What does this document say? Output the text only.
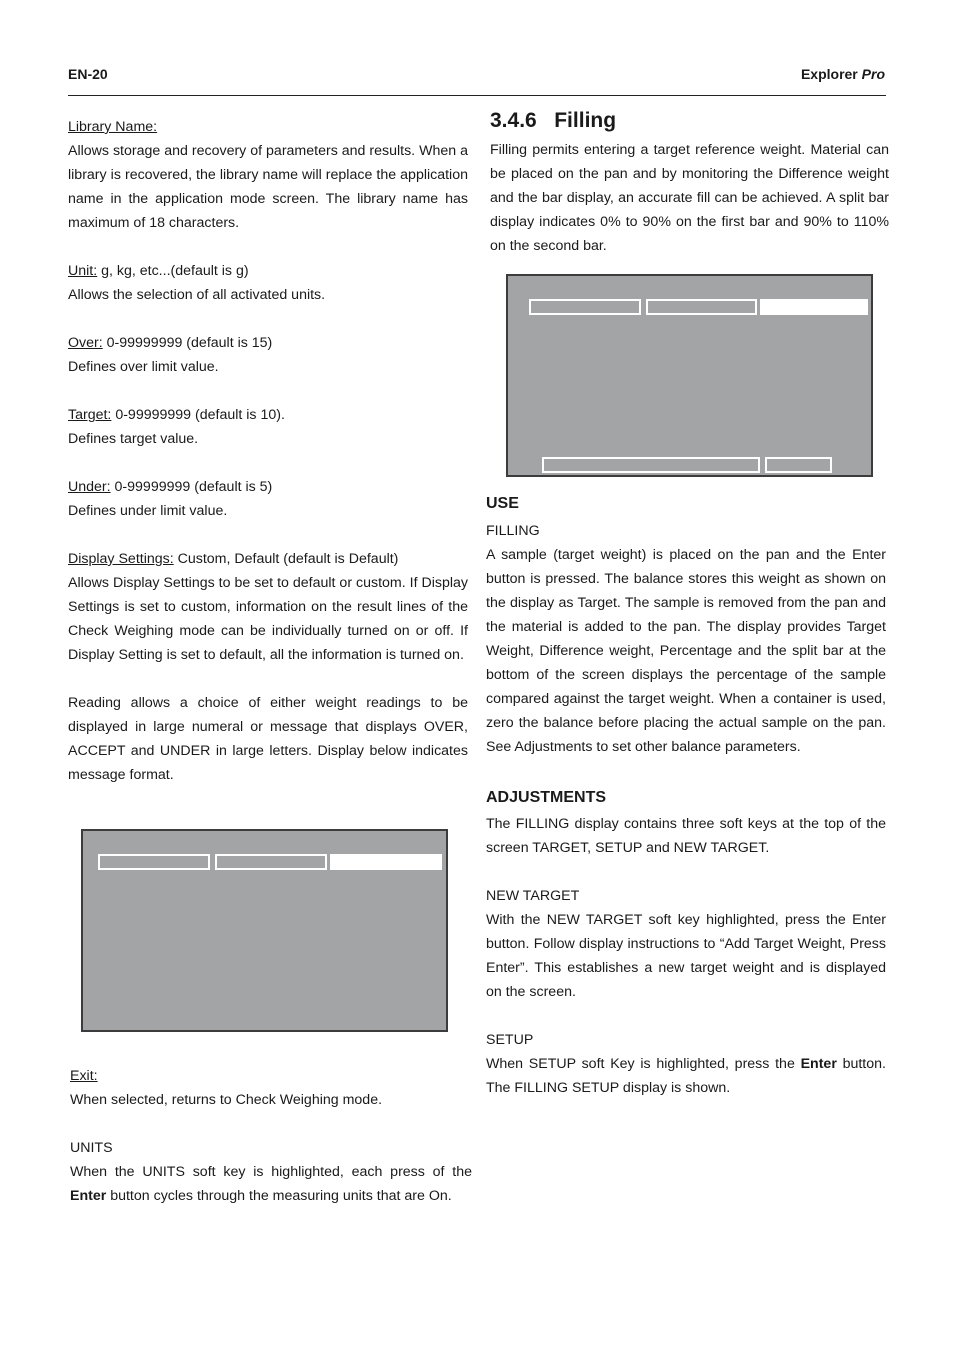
EN-20	Explorer Pro

Library Name:
Allows storage and recovery of parameters and results. When a library is recovered, the library name will replace the application name in the application mode screen. The library name has maximum of 18 characters.

Unit: g, kg, etc...(default is g)
Allows the selection of all activated units.

Over: 0-99999999 (default is 15)
Defines over limit value.

Target: 0-99999999 (default is 10).
Defines target value.

Under: 0-99999999 (default is 5)
Defines under limit value.

Display Settings: Custom, Default (default is Default)
Allows Display Settings to be set to default or custom. If Display Settings is set to custom, information on the result lines of the Check Weighing mode can be individually turned on or off. If Display Setting is set to default, all the information is turned on.

Reading allows a choice of either weight readings to be displayed in large numeral or message that displays OVER, ACCEPT and UNDER in large letters. Display below indicates message format.

Exit:
When selected, returns to Check Weighing mode.

UNITS
When the UNITS soft key is highlighted, each press of the Enter button cycles through the measuring units that are On.

3.4.6 Filling

Filling permits entering a target reference weight. Material can be placed on the pan and by monitoring the Difference weight and the bar display, an accurate fill can be achieved. A split bar display indicates 0% to 90% on the first bar and 90% to 110% on the second bar.

USE
FILLING

A sample (target weight) is placed on the pan and the Enter button is pressed. The balance stores this weight as shown on the display as Target. The sample is removed from the pan and the material is added to the pan. The display provides Target Weight, Difference weight, Percentage and the split bar at the bottom of the screen displays the percentage of the sample compared against the target weight. When a container is used, zero the balance before placing the actual sample on the pan. See Adjustments to set other balance parameters.

ADJUSTMENTS

The FILLING display contains three soft keys at the top of the screen TARGET, SETUP and NEW TARGET.

NEW TARGET

With the NEW TARGET soft key highlighted, press the Enter button. Follow display instructions to “Add Target Weight, Press Enter”. This establishes a new target weight and is displayed on the screen.

SETUP

When SETUP soft Key is highlighted, press the Enter button. The FILLING SETUP display is shown.
